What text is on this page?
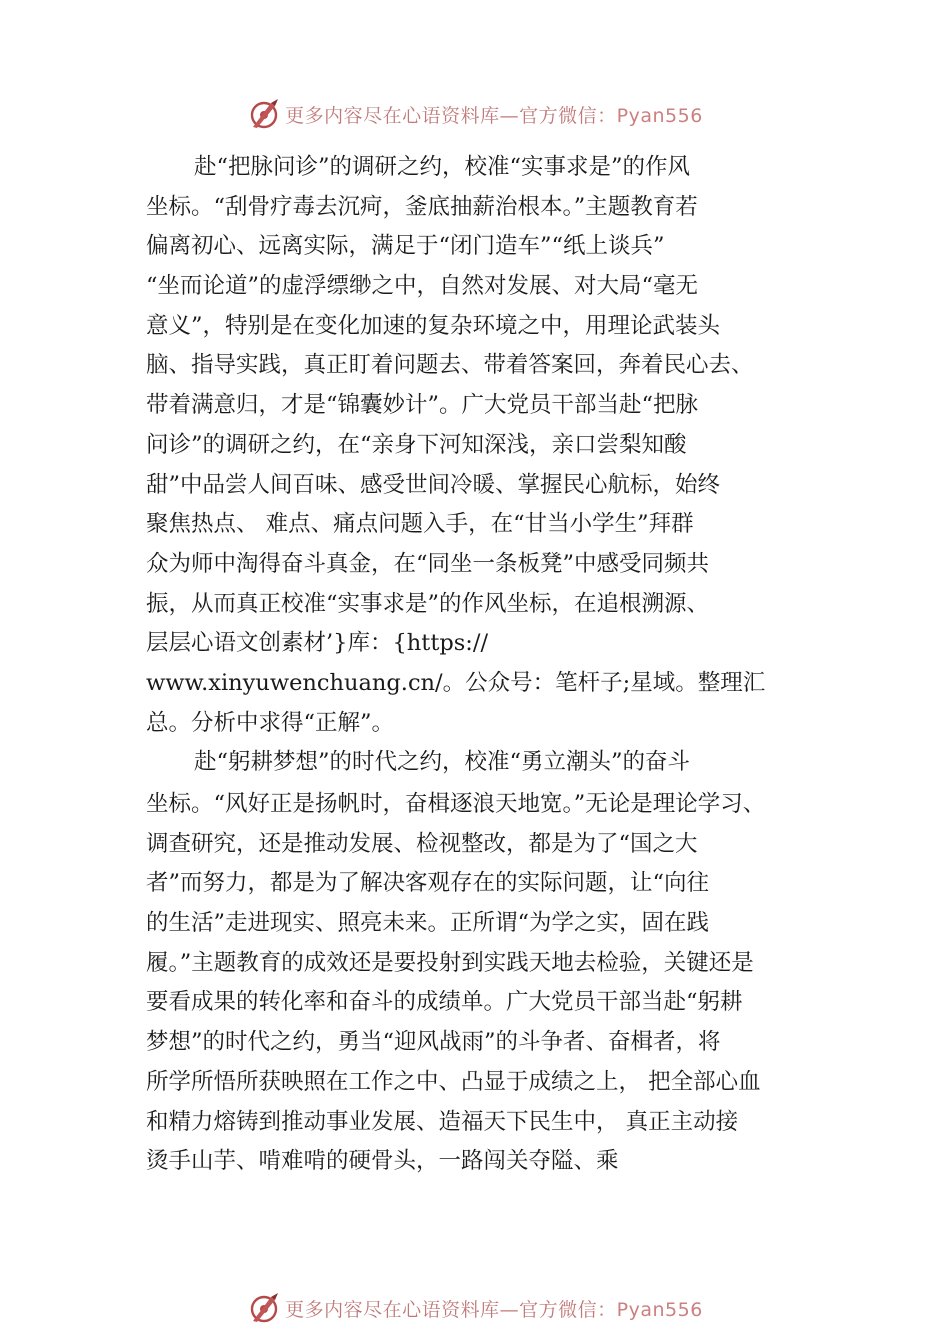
更多内容尽在心语资料库—官方微信：Pyan556
赴“把脉问诊”的调研之约，校准“实事求是”的作风
坐标。“刮骨疗毒去沉疴，釜底抽薪治根本。”主题教育若
偏离初心、远离实际，满足于“闭门造车”“纸上谈兵”
“坐而论道”的虚浮缥缈之中，自然对发展、对大局“毫无
意义”，特别是在变化加速的复杂环境之中，用理论武装头
脑、指导实践，真正盯着问题去、带着答案回，奔着民心去、
带着满意归，才是“锦囊妙计”。广大党员干部当赴“把脉
问诊”的调研之约，在“亲身下河知深浅，亲口尝梨知酸
甜”中品尝人间百味、感受世间冷暖、掌握民心航标，始终
聚焦热点、 难点、痛点问题入手，在“甘当小学生”拜群
众为师中淘得奋斗真金，在“同坐一条板凳”中感受同频共
振，从而真正校准“实事求是”的作风坐标，在追根溯源、
层层心语文创素材’}库：{https://
www.xinyuwenchuang.cn/。公众号：笔杆子;星域。整理汇
总。分析中求得“正解”。
赴“躬耕梦想”的时代之约，校准“勇立潮头”的奋斗
坐标。“风好正是扬帆时，奋楫逐浪天地宽。”无论是理论学习、
调查研究，还是推动发展、检视整改，都是为了“国之大
者”而努力，都是为了解决客观存在的实际问题，让“向往
的生活”走进现实、照亮未来。正所谓“为学之实，固在践
履。”主题教育的成效还是要投射到实践天地去检验，关键还是
要看成果的转化率和奋斗的成绩单。广大党员干部当赴“躬耕
梦想”的时代之约，勇当“迎风战雨”的斗争者、奋楫者，将
所学所悟所获映照在工作之中、凸显于成绩之上， 把全部心血
和精力熔铸到推动事业发展、造福天下民生中， 真正主动接
烫手山芋、啃难啃的硬骨头，一路闯关夺隘、乘
更多内容尽在心语资料库—官方微信：Pyan556
